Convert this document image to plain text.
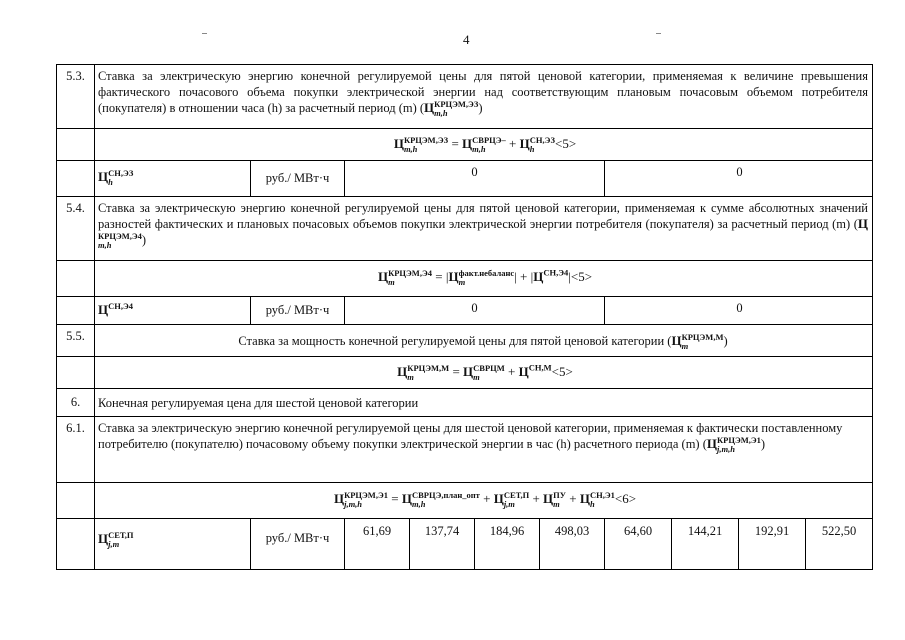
4
5.3.	Ставка за электрическую энергию конечной регулируемой цены для пятой ценовой категории, применяемая к величине превышения фактического почасового объема покупки электрической энергии над соответствующим плановым почасовым объемом потребителя (покупателя) в отношении часа (h) за расчетный период (m) (ЦКРЦЭМ,ЭЗ
m,h )
ЦКРЦЭМ,ЭЗ
m,h	= ЦСВРЦЭ–
m,h + ЦСН,ЭЗ
h <5>
ЦСН,ЭЗ
h	руб./ МВт·ч	0	0
5.4.	Ставка за электрическую энергию конечной регулируемой цены для пятой ценовой категории, применяемая к сумме абсолютных значений разностей фактических и плановых почасовых объемов покупки электрической энергии потребителя (покупателя) за расчетный период (m) (ЦКРЦЭМ,Э4
m,h )
ЦКРЦЭМ,Э4
m	= |Цфакт.небаланс
m	| + $|Ц^{СН,Э4}|<5>$
$Ц^{СН,Э4}$	руб./ МВт·ч	0	0
5.5.	Ставка за мощность конечной регулируемой цены для пятой ценовой категории (ЦКРЦЭМ,М
m	)
ЦКРЦЭМ,М
m	= ЦСВРЦМ
$m + Ц^{СН,М}<5>$
6.	Конечная регулируемая цена для шестой ценовой категории
6.1.	Ставка за электрическую энергию конечной регулируемой цены для шестой ценовой категории, применяемая к фактически поставленному потребителю (покупателю) почасовому объему покупки электрической энергии в час (h) расчетного периода (m) (ЦКРЦЭМ,Э1
j,m,h )
ЦКРЦЭМ,Э1
j,m,h = ЦСВРЦЭ,план_опт
m,h	+ ЦСЕТ,П
j,m + ЦПУ
m + ЦСН,Э1
h <6>
ЦСЕТ,П
j,m	руб./ МВт·ч	61,69	137,74	184,96	498,03	64,60	144,21	192,91	522,50
